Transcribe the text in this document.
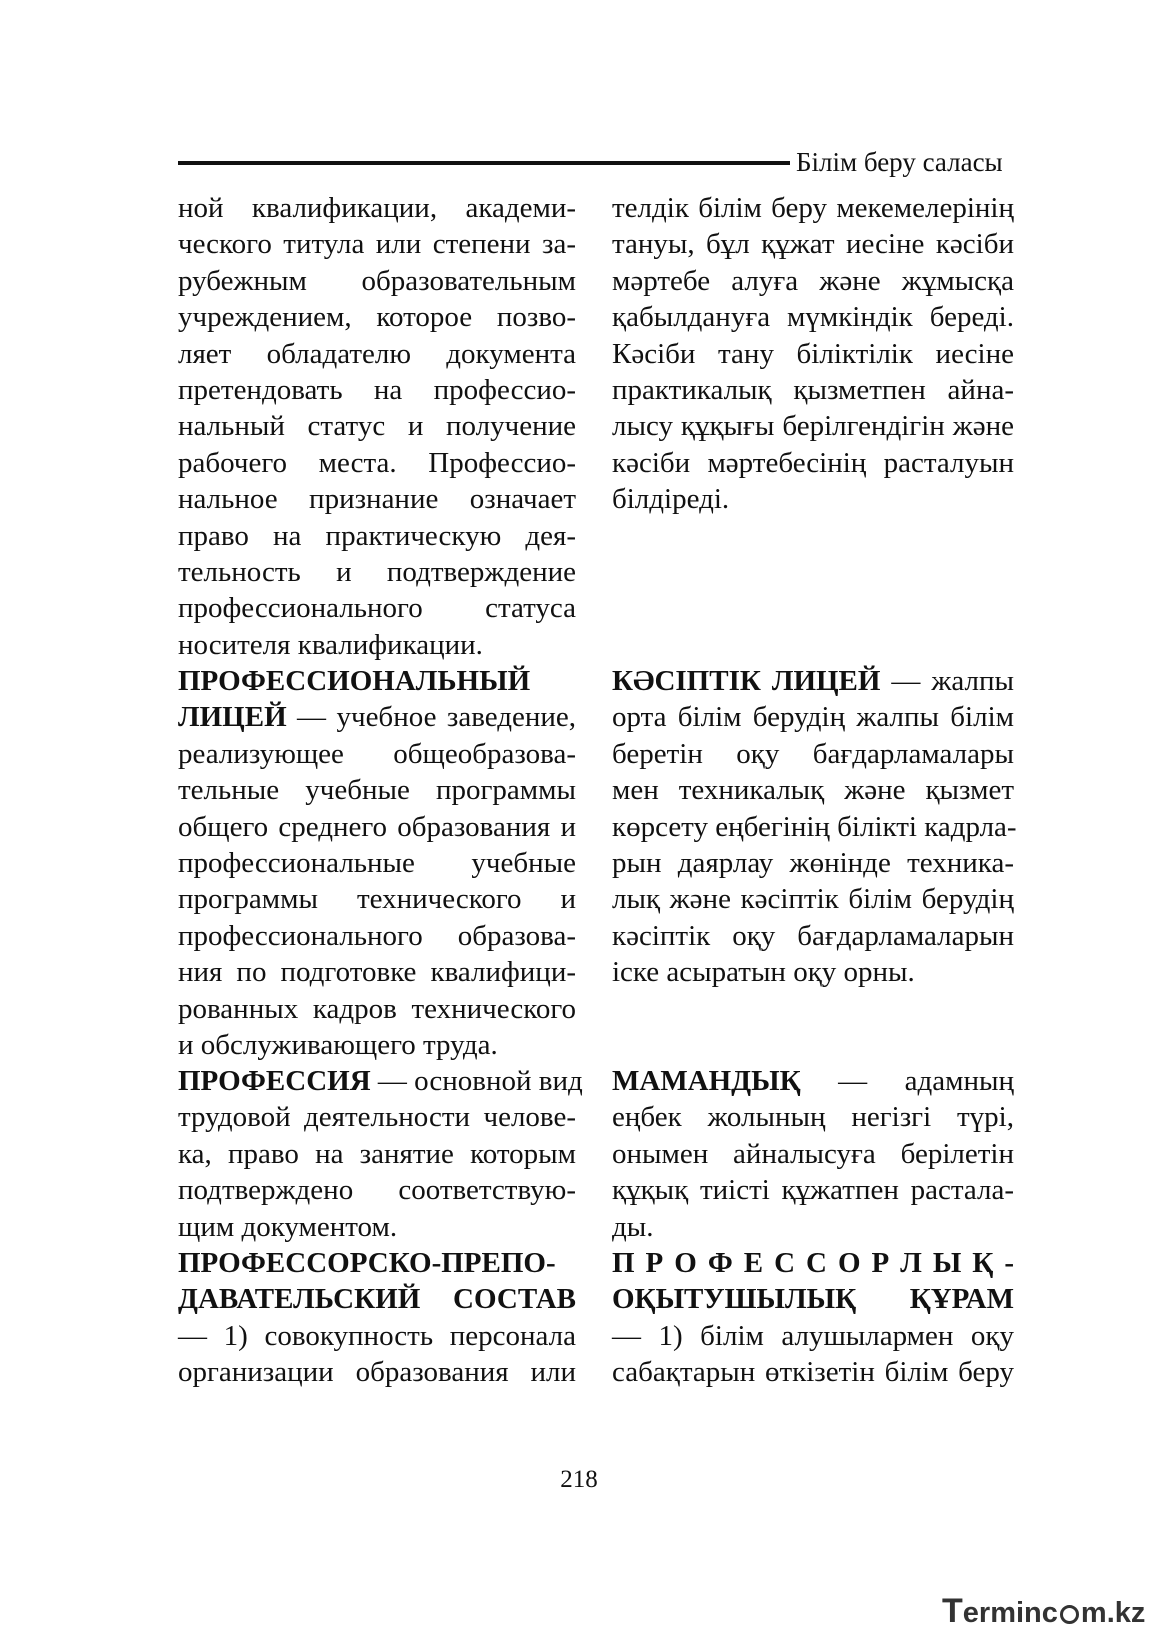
Білім беру саласы
ной квалификации, академи-
ческого титула или степени за-
рубежным образовательным
учреждением, которое позво-
ляет обладателю документа
претендовать на профессио-
нальный статус и получение
рабочего места. Профессио-
нальное признание означает
право на практическую дея-
тельность и подтверждение
профессионального статуса
носителя квалификации.
ПРОФЕССИОНАЛЬНЫЙ
ЛИЦЕЙ — учебное заведение,
реализующее общеобразова-
тельные учебные программы
общего среднего образования и
профессиональные учебные
программы технического и
профессионального образова-
ния по подготовке квалифици-
рованных кадров технического
и обслуживающего труда.
ПРОФЕССИЯ — основной вид
трудовой деятельности челове-
ка, право на занятие которым
подтверждено соответствую-
щим документом.
ПРОФЕССОРСКО-ПРЕПО-
ДАВАТЕЛЬСКИЙ СОСТАВ
— 1) совокупность персонала
организации образования или
телдік білім беру мекемелерінің
тануы, бұл құжат иесіне кәсіби
мәртебе алуға және жұмысқа
қабылдануға мүмкіндік береді.
Кәсіби тану біліктілік иесіне
практикалық қызметпен айна-
лысу құқығы берілгендігін және
кәсіби мәртебесінің расталуын
білдіреді.
КӘСІПТІК ЛИЦЕЙ — жалпы
орта білім берудің жалпы білім
беретін оқу бағдарламалары
мен техникалық және қызмет
көрсету еңбегінің білікті кадрла-
рын даярлау жөнінде техника-
лық және кәсіптік білім берудің
кәсіптік оқу бағдарламаларын
іске асыратын оқу орны.
МАМАНДЫҚ — адамның
еңбек жолының негізгі түрі,
онымен айналысуға берілетін
құқық тиісті құжатпен растала-
ды.
П Р О Ф Е С С О Р Л Ы Қ -
ОҚЫТУШЫЛЫҚ ҚҰРАМ
— 1) білім алушылармен оқу
сабақтарын өткізетін білім беру
218
Terminc m.kz
